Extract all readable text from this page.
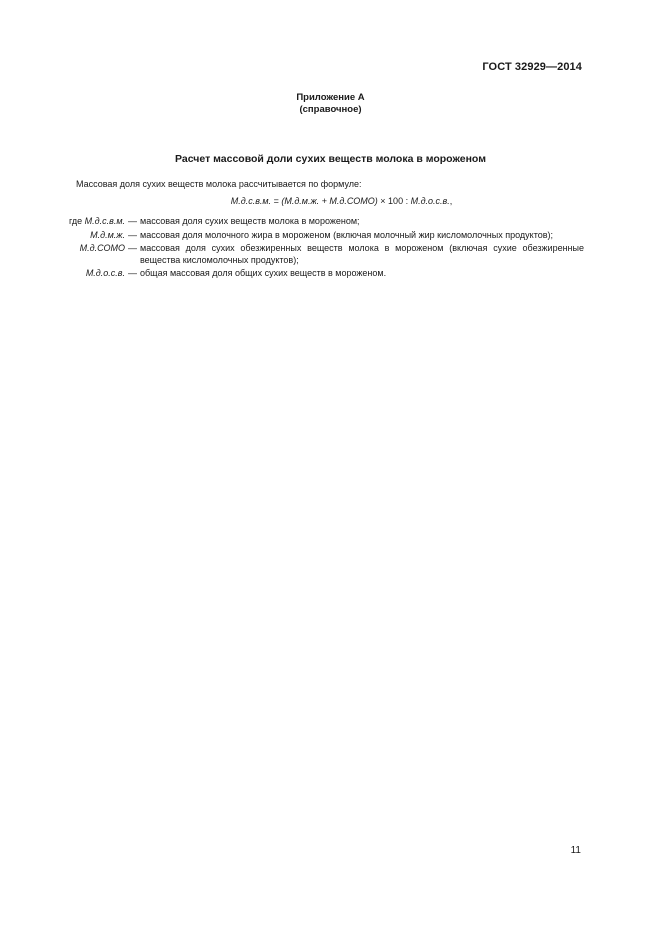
ГОСТ 32929—2014
Приложение А
(справочное)
Расчет массовой доли сухих веществ молока в мороженом
Массовая доля сухих веществ молока рассчитывается по формуле:
М.д.с.в.м. = (М.д.м.ж. + М.д.СОМО) × 100 : М.д.о.с.в.,
где М.д.с.в.м. — массовая доля сухих веществ молока в мороженом;
М.д.м.ж. — массовая доля молочного жира в мороженом (включая молочный жир кисломолочных продуктов);
М.д.СОМО — массовая доля сухих обезжиренных веществ молока в мороженом (включая сухие обезжиренные вещества кисломолочных продуктов);
М.д.о.с.в. — общая массовая доля общих сухих веществ в мороженом.
11
